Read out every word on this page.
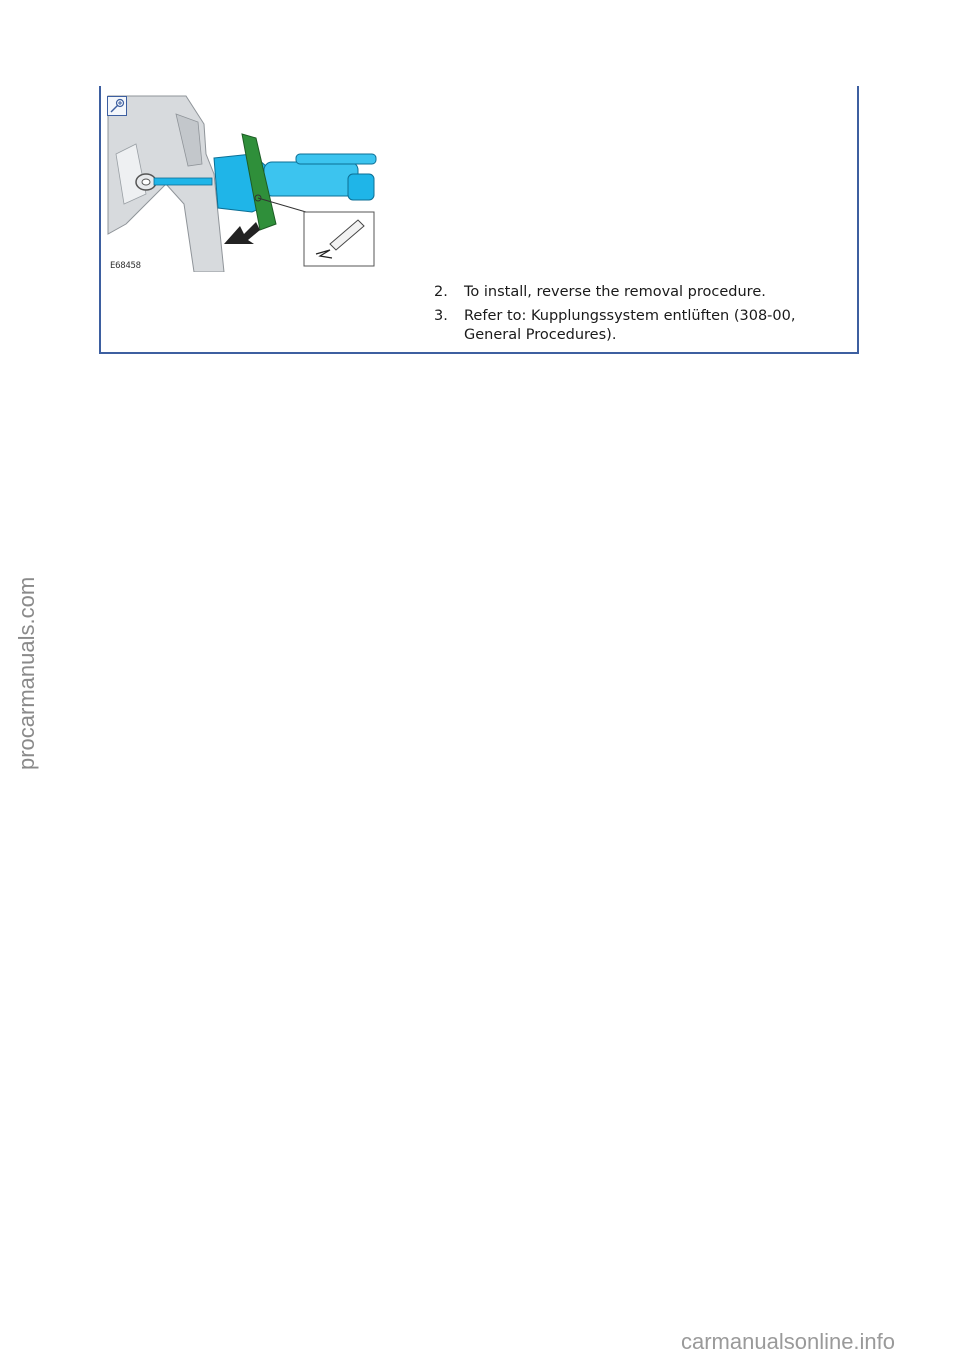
E68458
2.	To install, reverse the removal procedure.
3.	Refer to: Kupplungssystem entlüften (308-00, General Procedures).
procarmanuals.com
carmanualsonline.info
